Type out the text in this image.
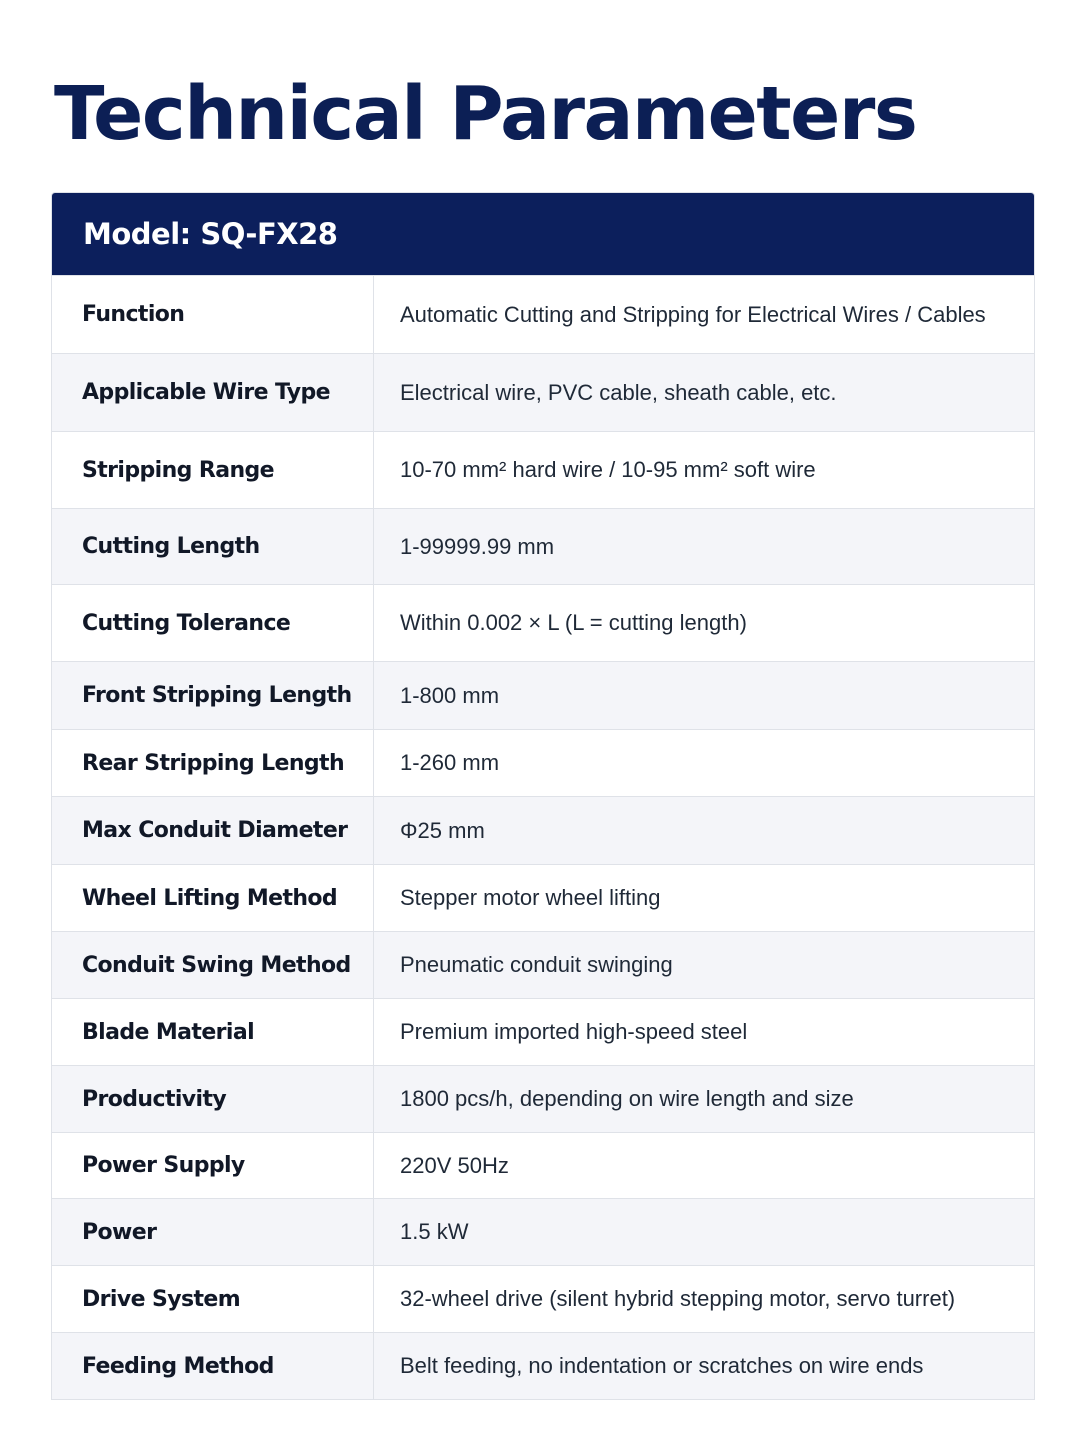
Technical Parameters
Model: SQ-FX28
Function	Automatic Cutting and Stripping for Electrical Wires / Cables
Applicable Wire Type	Electrical wire, PVC cable, sheath cable, etc.
Stripping Range	10-70 mm² hard wire / 10-95 mm² soft wire
Cutting Length	1-99999.99 mm
Cutting Tolerance	Within 0.002 × L (L = cutting length)
Front Stripping Length	1-800 mm
Rear Stripping Length	1-260 mm
Max Conduit Diameter	Φ25 mm
Wheel Lifting Method	Stepper motor wheel lifting
Conduit Swing Method	Pneumatic conduit swinging
Blade Material	Premium imported high-speed steel
Productivity	1800 pcs/h, depending on wire length and size
Power Supply	220V 50Hz
Power	1.5 kW
Drive System	32-wheel drive (silent hybrid stepping motor, servo turret)
Feeding Method	Belt feeding, no indentation or scratches on wire ends
